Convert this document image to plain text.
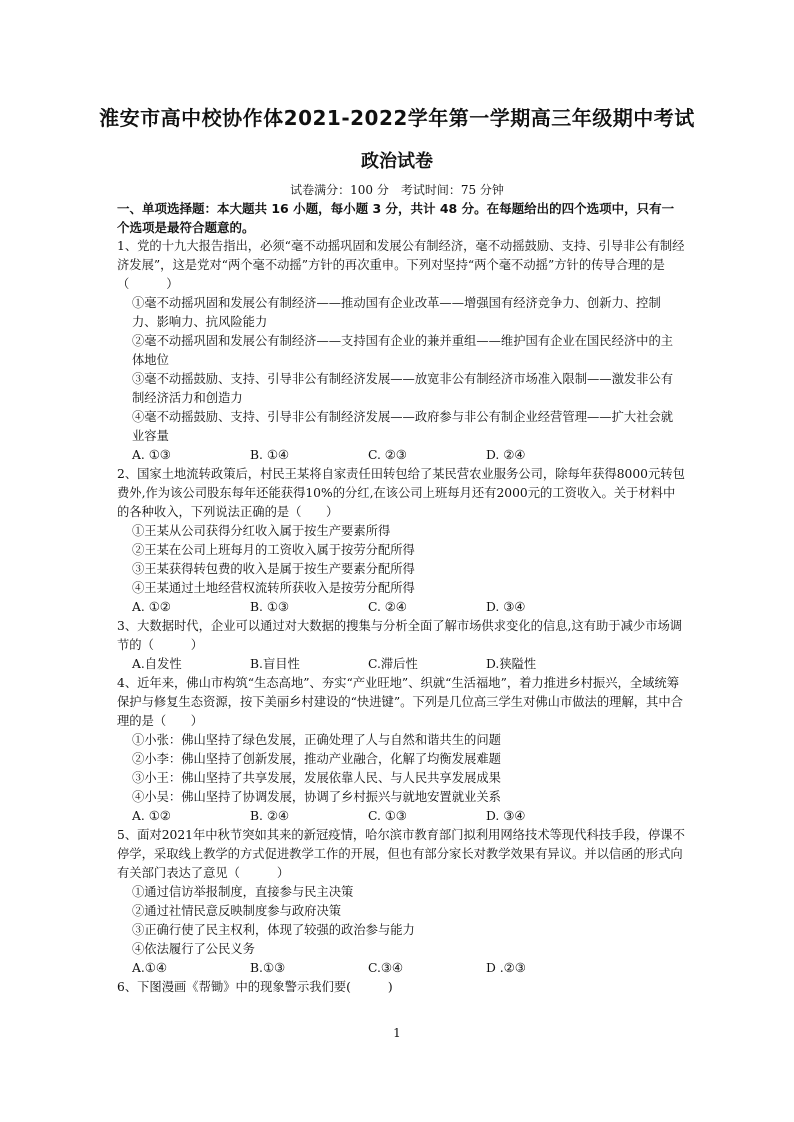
淮安市高中校协作体2021-2022学年第一学期高三年级期中考试
政治试卷
试卷满分：100 分　考试时间：75 分钟
一、单项选择题：本大题共 16 小题，每小题 3 分，共计 48 分。在每题给出的四个选项中，只有一个选项是最符合题意的。
1、党的十九大报告指出，必须“毫不动摇巩固和发展公有制经济，毫不动摇鼓励、支持、引导非公有制经济发展”，这是党对“两个毫不动摇”方针的再次重申。下列对坚持“两个毫不动摇”方针的传导合理的是（　　　）
①毫不动摇巩固和发展公有制经济——推动国有企业改革——增强国有经济竞争力、创新力、控制力、影响力、抗风险能力
②毫不动摇巩固和发展公有制经济——支持国有企业的兼并重组——维护国有企业在国民经济中的主体地位
③毫不动摇鼓励、支持、引导非公有制经济发展——放宽非公有制经济市场准入限制——激发非公有制经济活力和创造力
④毫不动摇鼓励、支持、引导非公有制经济发展——政府参与非公有制企业经营管理——扩大社会就业容量
A. ①③	B. ①④	C. ②③	D. ②④
2、国家土地流转政策后，村民王某将自家责任田转包给了某民营农业服务公司，除每年获得8000元转包费外,作为该公司股东每年还能获得10%的分红,在该公司上班每月还有2000元的工资收入。关于材料中的各种收入，下列说法正确的是（　　）
①王某从公司获得分红收入属于按生产要素所得
②王某在公司上班每月的工资收入属于按劳分配所得
③王某获得转包费的收入是属于按生产要素分配所得
④王某通过土地经营权流转所获收入是按劳分配所得
A. ①②	B. ①③	C. ②④	D. ③④
3、大数据时代，企业可以通过对大数据的搜集与分析全面了解市场供求变化的信息,这有助于减少市场调节的（　　　）
A.自发性	B.盲目性	C.滞后性	D.狭隘性
4、近年来，佛山市构筑“生态高地”、夯实“产业旺地”、织就“生活福地”，着力推进乡村振兴，全域统筹保护与修复生态资源，按下美丽乡村建设的“快进键”。下列是几位高三学生对佛山市做法的理解，其中合理的是（　　）
①小张：佛山坚持了绿色发展，正确处理了人与自然和谐共生的问题
②小李：佛山坚持了创新发展，推动产业融合，化解了均衡发展难题
③小王：佛山坚持了共享发展，发展依靠人民、与人民共享发展成果
④小吴：佛山坚持了协调发展，协调了乡村振兴与就地安置就业关系
A. ①②	B. ②④	C. ①③	D. ③④
5、面对2021年中秋节突如其来的新冠疫情，哈尔滨市教育部门拟利用网络技术等现代科技手段，停课不停学，采取线上教学的方式促进教学工作的开展，但也有部分家长对教学效果有异议。并以信函的形式向有关部门表达了意见（　　　）
①通过信访举报制度，直接参与民主决策
②通过社情民意反映制度参与政府决策
③正确行使了民主权利，体现了较强的政治参与能力
④依法履行了公民义务
A.①④	B.①③	C.③④	D .②③
6、下图漫画《帮锄》中的现象警示我们要(　　　)
1
